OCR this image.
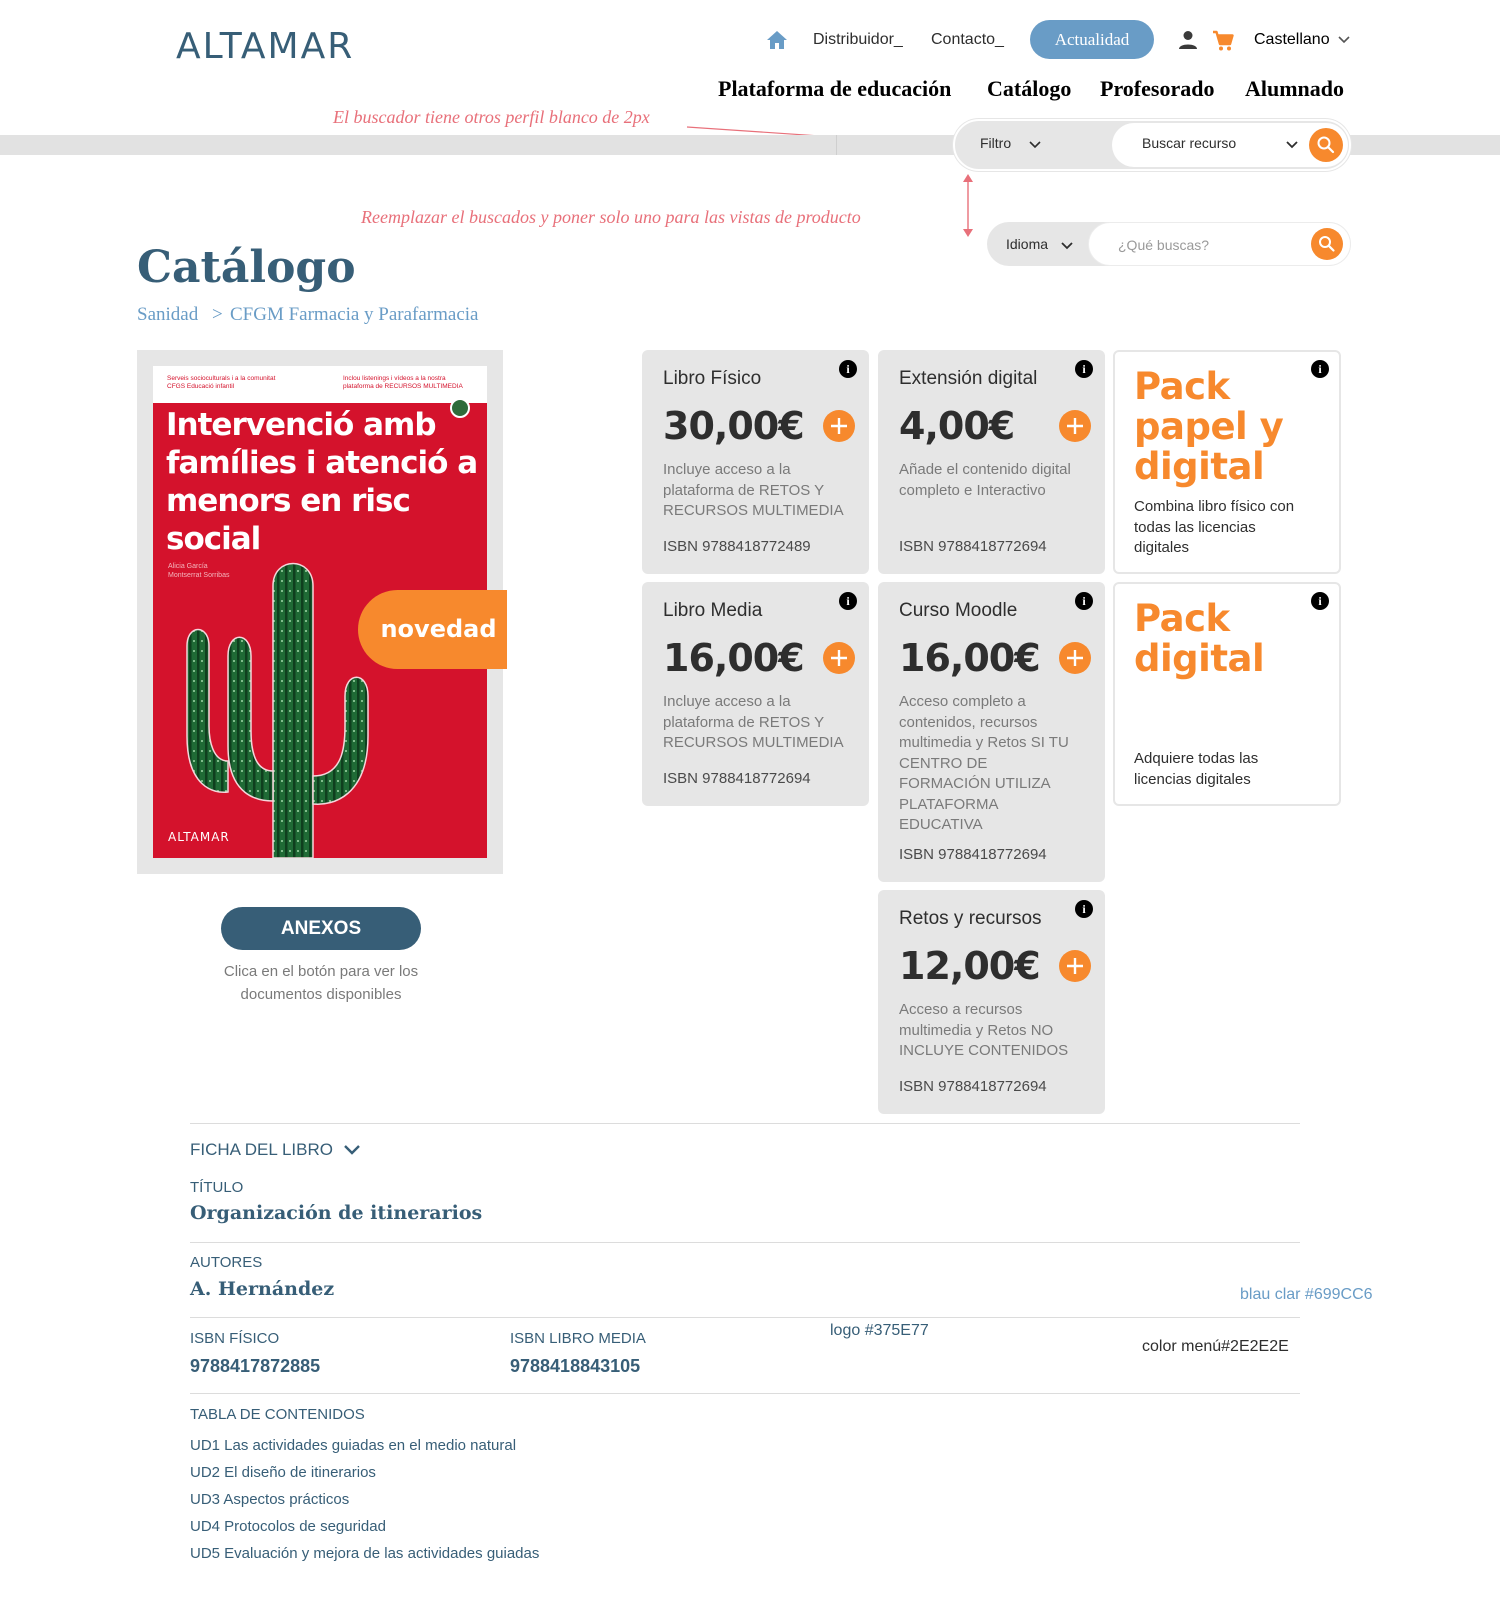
ALTAMAR	Distribuidor_ Contacto_	Actualidad	Castellano
Plataforma de educación Catálogo Profesorado Alumnado
El buscador tiene otros perfil blanco de 2px
Reemplazar el buscados y poner solo uno para las vistas de producto
Filtro	Buscar recurso
Idioma
¿Qué buscas?
Catálogo
Sanidad > CFGM Farmacia y Parafarmacia
Serveis socioculturals i a la comunitat
CFGS Educació infantil
Inclou listenings i vídeos a la nostra
plataforma de RECURSOS MULTIMEDIA
Intervenció amb famílies i atenció a menors en risc social
Alicia García
Montserrat Sorribas
ALTAMAR
novedad
ANEXOS
Clica en el botón para ver los documentos disponibles
i
Libro Físico
30,00€
Incluye acceso a la plataforma de RETOS Y RECURSOS MULTIMEDIA
ISBN 9788418772489
i
Libro Media
16,00€
Incluye acceso a la plataforma de RETOS Y RECURSOS MULTIMEDIA
ISBN 9788418772694
i
Extensión digital
4,00€
Añade el contenido digital completo e Interactivo
ISBN 9788418772694
i
Curso Moodle
16,00€
Acceso completo a contenidos, recursos multimedia y Retos SI TU CENTRO DE FORMACIÓN UTILIZA PLATAFORMA EDUCATIVA
ISBN 9788418772694
i
Retos y recursos
12,00€
Acceso a recursos multimedia y Retos NO INCLUYE CONTENIDOS
ISBN 9788418772694
i
Pack papel y digital
Combina libro físico con todas las licencias digitales
i
Pack digital
Adquiere todas las licencias digitales
FICHA DEL LIBRO
TÍTULO
Organización de itinerarios
AUTORES
A. Hernández
ISBN FÍSICO
9788417872885
ISBN LIBRO MEDIA
9788418843105
TABLA DE CONTENIDOS
UD1 Las actividades guiadas en el medio natural
UD2 El diseño de itinerarios
UD3 Aspectos prácticos
UD4 Protocolos de seguridad
UD5 Evaluación y mejora de las actividades guiadas
blau clar #699CC6
logo #375E77
color menú#2E2E2E
